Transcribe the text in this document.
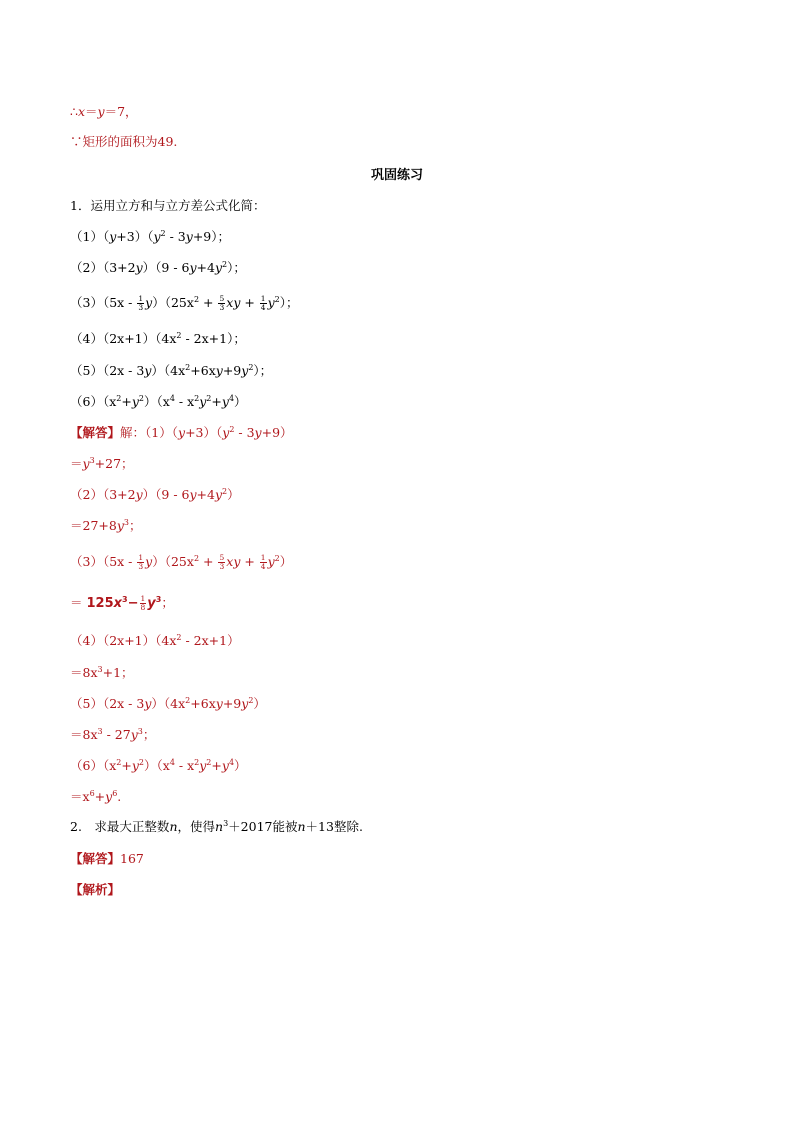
∴x＝y＝7，
∵矩形的面积为49.
巩固练习
1．运用立方和与立方差公式化简：
$(1)(y+3)(y^2 - 3y+9)$；
$(2)(3+2y)(9 - 6y+4y^2)$；
$(3)(5x - \frac{1}{3} y)(25x^2 + \frac{5}{3}$ xy + $\frac{1}{4} y^2$）；
$(4)(2x+1)(4x^2 - 2x+1)$；
$(5)(2x - 3y)(4x^2+6xy+9y^2)$；
$(6)(x^2+y^2)(x^4 - x^2y^2+y^4)$
【解答】解：$(1)(y+3)(y^2 - 3y+9)$
$=y^3+27$；
$(2)(3+2y)(9 - 6y+4y^2)$
$=27+8y^3$；
$(3)(5x - \frac{1}{3} y)(25x^2 + \frac{5}{3}$ xy + $\frac{1}{4} y^2$）
＝ $125x^3- \frac{1}{8} y^3$；
$(4)(2x+1)(4x^2 - 2x+1)$
$=8x^3+1$；
$(5)(2x - 3y)(4x^2+6xy+9y^2)$
$=8x^3 - 27y^3$；
$(6)(x^2+y^2)(x^4 - x^2y^2+y^4)$
$=x^6+y^6$.
2.　求最大正整数n，使得$n^3+2017$能被n＋13整除.
【解答】167
【解析】
